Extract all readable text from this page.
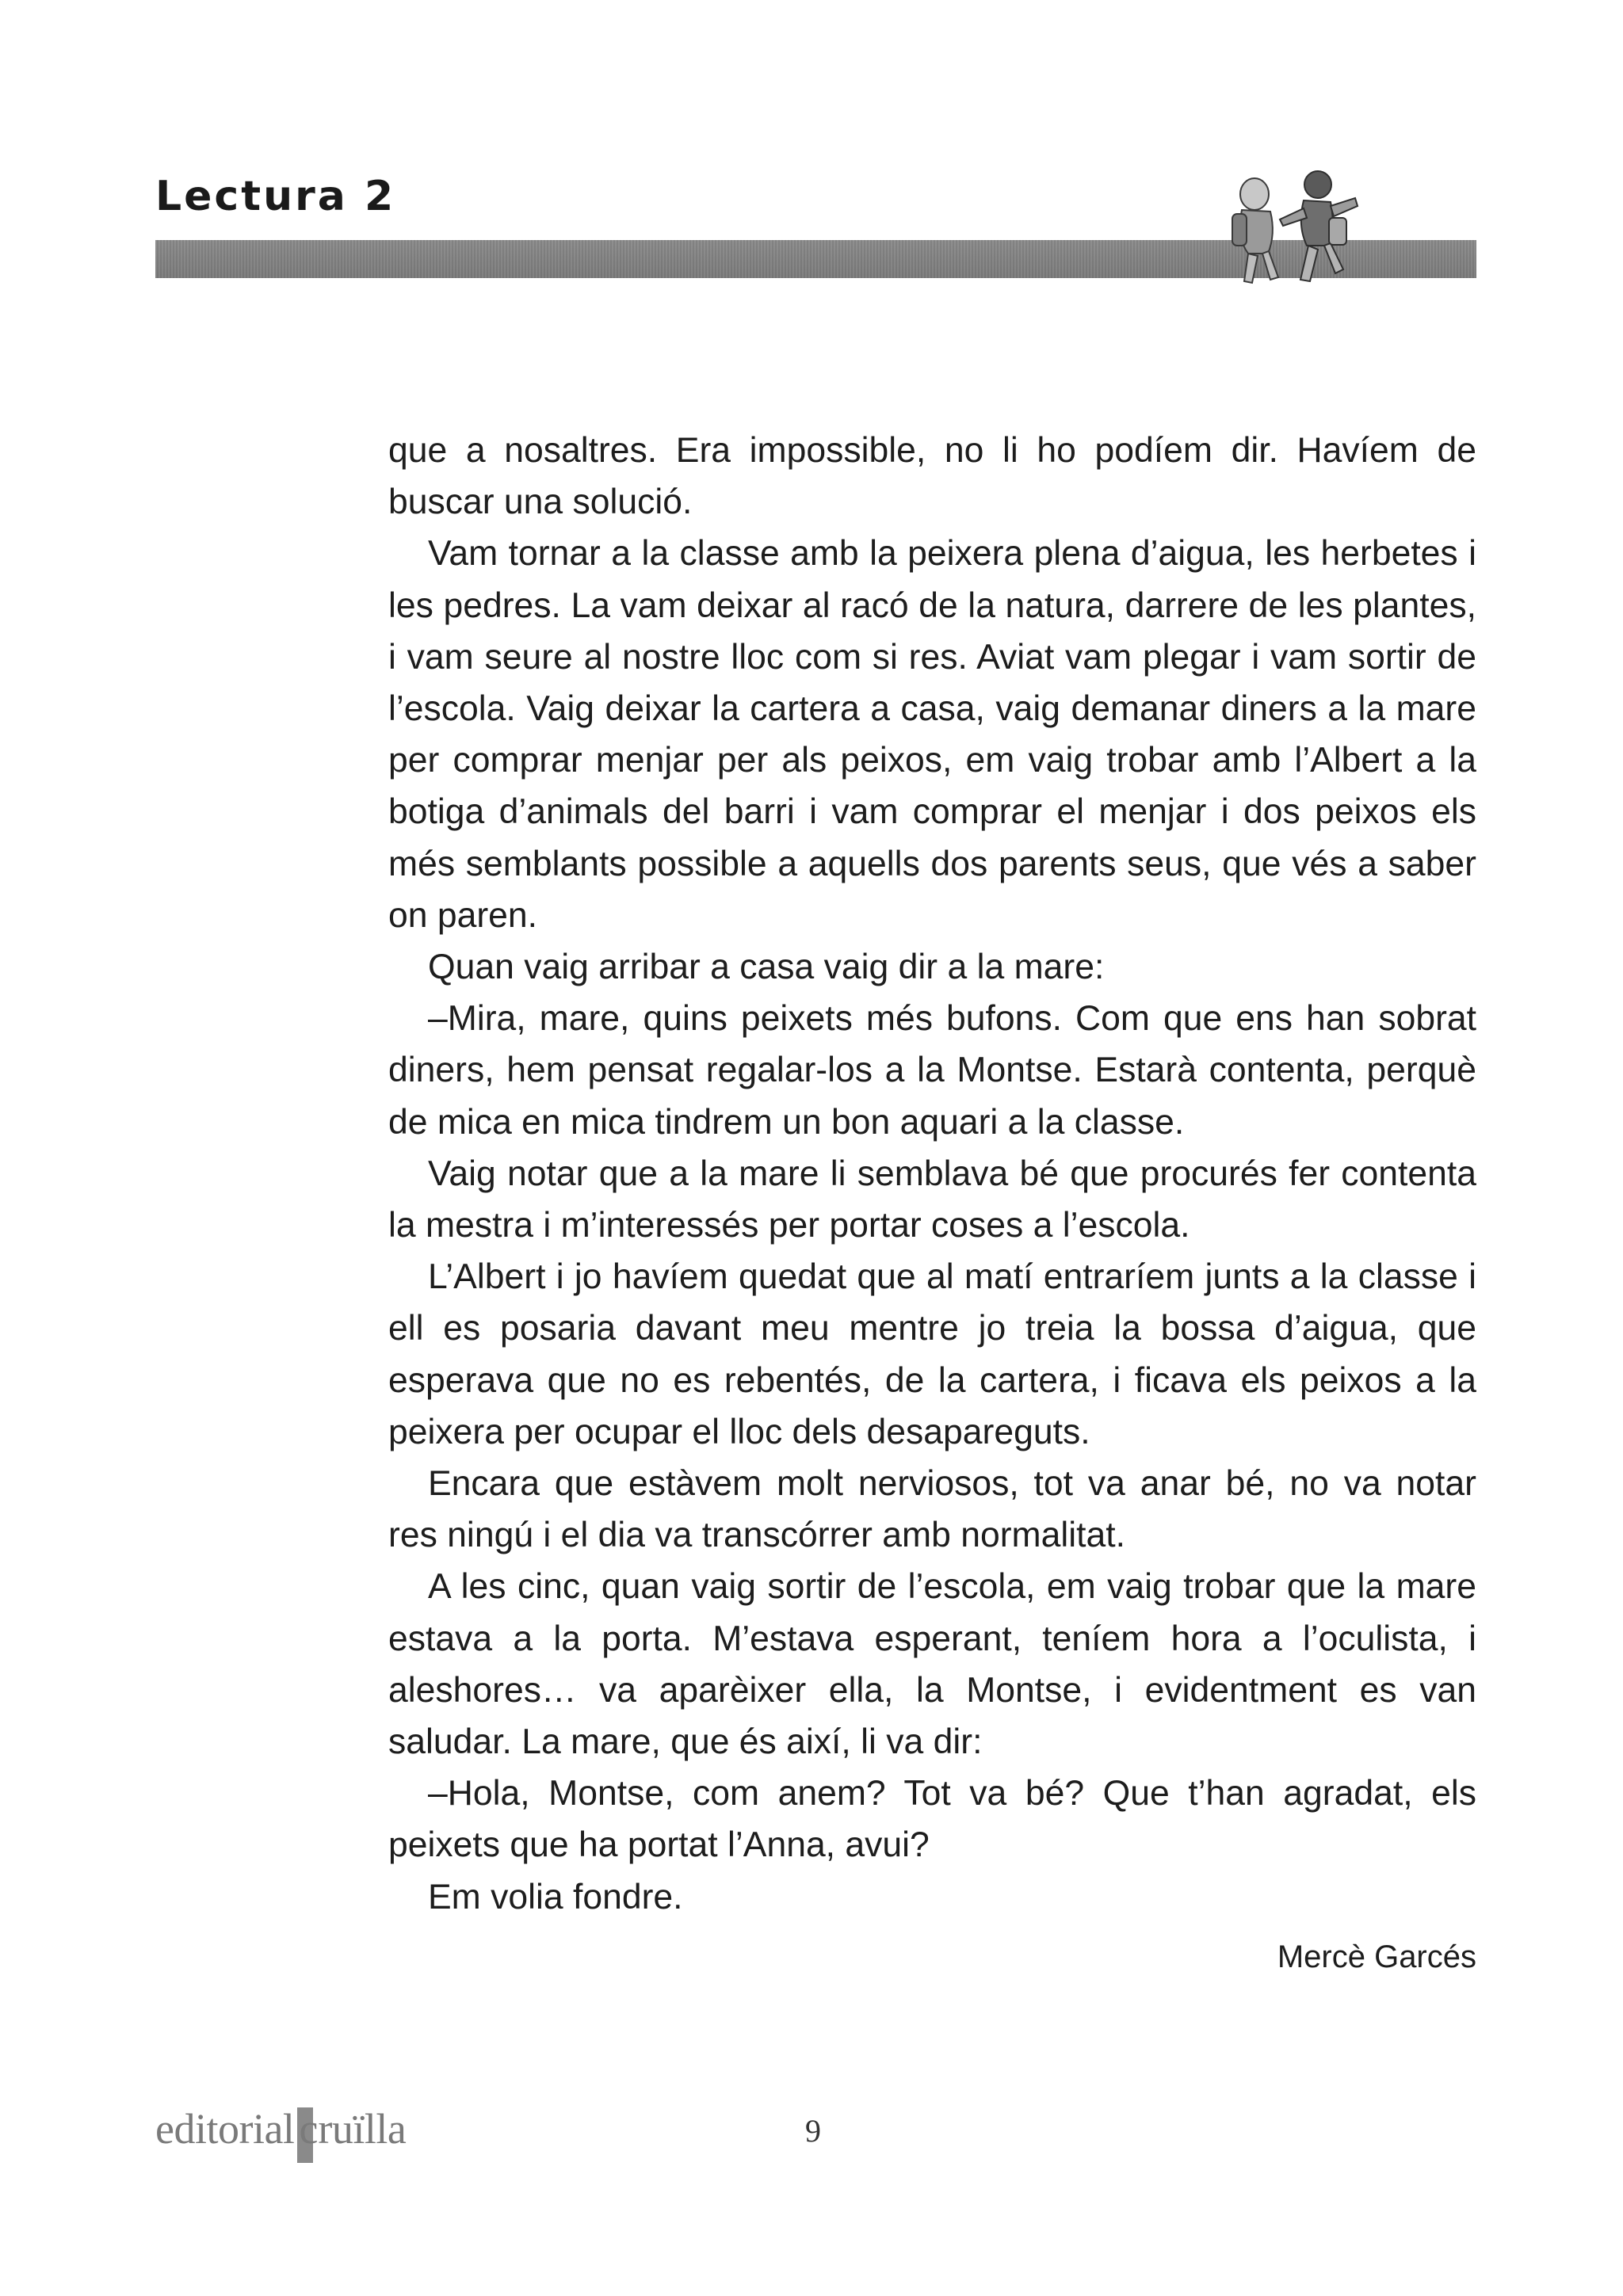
Lectura 2

que a nosaltres. Era impossible, no li ho podíem dir. Havíem de buscar una solució.

Vam tornar a la classe amb la peixera plena d’aigua, les herbetes i les pedres. La vam deixar al racó de la natura, darrere de les plantes, i vam seure al nostre lloc com si res. Aviat vam plegar i vam sortir de l’escola. Vaig deixar la cartera a casa, vaig demanar diners a la mare per comprar menjar per als peixos, em vaig trobar amb l’Albert a la botiga d’animals del barri i vam comprar el menjar i dos peixos els més semblants possible a aquells dos parents seus, que vés a saber on paren.

Quan vaig arribar a casa vaig dir a la mare:

–Mira, mare, quins peixets més bufons. Com que ens han sobrat diners, hem pensat regalar-los a la Montse. Estarà contenta, perquè de mica en mica tindrem un bon aquari a la classe.

Vaig notar que a la mare li semblava bé que procurés fer contenta la mestra i m’interessés per portar coses a l’escola.

L’Albert i jo havíem quedat que al matí entraríem junts a la classe i ell es posaria davant meu mentre jo treia la bossa d’aigua, que esperava que no es rebentés, de la cartera, i ficava els peixos a la peixera per ocupar el lloc dels desapareguts.

Encara que estàvem molt nerviosos, tot va anar bé, no va notar res ningú i el dia va transcórrer amb normalitat.

A les cinc, quan vaig sortir de l’escola, em vaig trobar que la mare estava a la porta. M’estava esperant, teníem hora a l’oculista, i aleshores… va aparèixer ella, la Montse, i evidentment es van saludar. La mare, que és així, li va dir:

–Hola, Montse, com anem? Tot va bé? Que t’han agradat, els peixets que ha portat l’Anna, avui?

Em volia fondre.

Mercè Garcés

editorial c ruïlla	9
